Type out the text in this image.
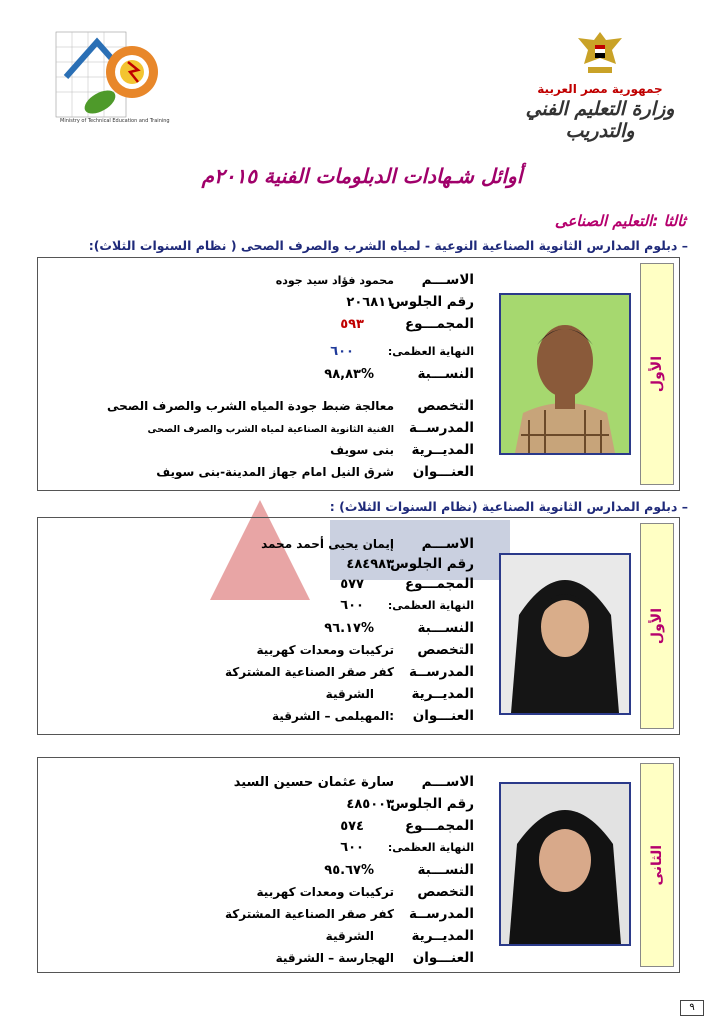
Ministry of Technical Education and Training
جمهورية مصر العربية
وزارة التعليم الفني والتدريب
أوائل شـهادات الدبلومات الفنية ٢٠١٥م
ثالثا :التعليم الصناعى
– دبلوم المدارس الثانوية الصناعية النوعية - لمياه الشرب والصرف الصحى ( نظام السنوات الثلاث):
الأول
الاســـم
محمود فؤاد سيد جوده
رقم الجلوس
٢٠٦٨١١
المجمـــوع
٥٩٣
النهاية العظمى:
٦٠٠
النســـبة
%٩٨,٨٣
التخصص
معالجة ضبط جودة المياه الشرب والصرف الصحى
المدرســة
الفنية الثانوية الصناعية لمياه الشرب والصرف الصحى
المديــرية
بنى سويف
العنـــوان
شرق النيل امام جهاز المدينة-بنى سويف
– دبلوم المدارس الثانوية الصناعية (نظام السنوات الثلاث) :
الأول
الاســـم
إيمان يحيى أحمد محمد
رقم الجلوس
٤٨٤٩٨٣
المجمـــوع
٥٧٧
النهاية العظمى:
٦٠٠
النســـبة
%٩٦.١٧
التخصص
تركيبات ومعدات كهربية
المدرســة
كفر صقر الصناعية المشتركة
المديــرية
الشرقية
العنـــوان
:المهيلمى – الشرقية
الثانى
الاســـم
سارة عثمان حسين السيد
رقم الجلوس
٤٨٥٠٠٣
المجمـــوع
٥٧٤
النهاية العظمى:
٦٠٠
النســـبة
%٩٥.٦٧
التخصص
تركيبات ومعدات كهربية
المدرســة
كفر صقر الصناعية المشتركة
المديــرية
الشرقية
العنـــوان
الهجارسة – الشرقية
٩
